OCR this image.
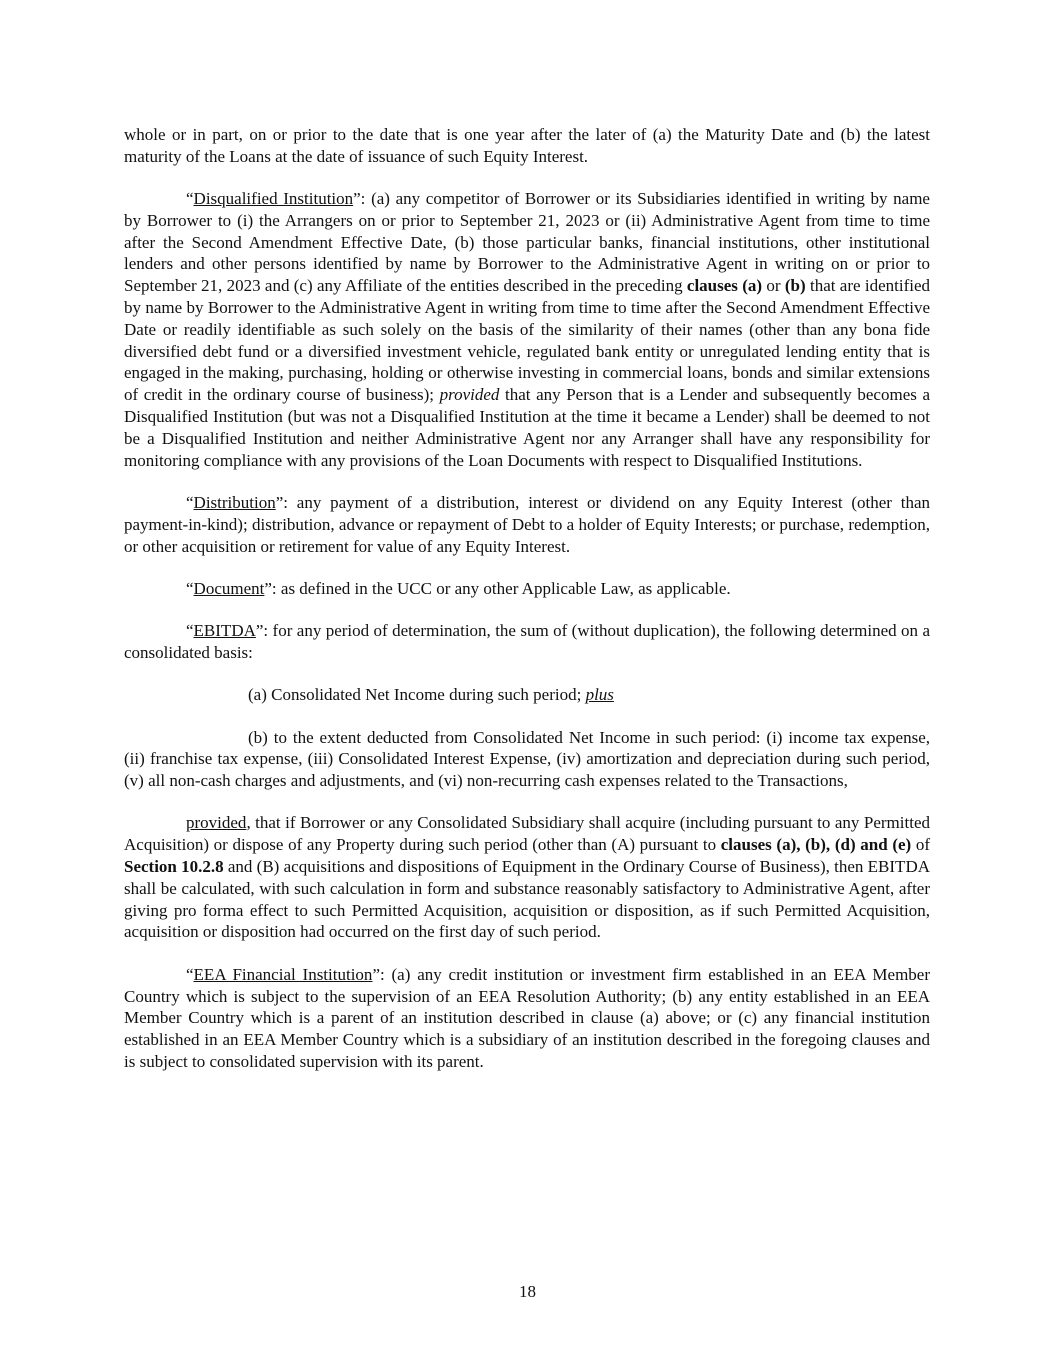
whole or in part, on or prior to the date that is one year after the later of (a) the Maturity Date and (b) the latest maturity of the Loans at the date of issuance of such Equity Interest.

“Disqualified Institution”: (a) any competitor of Borrower or its Subsidiaries identified in writing by name by Borrower to (i) the Arrangers on or prior to September 21, 2023 or (ii) Administrative Agent from time to time after the Second Amendment Effective Date, (b) those particular banks, financial institutions, other institutional lenders and other persons identified by name by Borrower to the Administrative Agent in writing on or prior to September 21, 2023 and (c) any Affiliate of the entities described in the preceding clauses (a) or (b) that are identified by name by Borrower to the Administrative Agent in writing from time to time after the Second Amendment Effective Date or readily identifiable as such solely on the basis of the similarity of their names (other than any bona fide diversified debt fund or a diversified investment vehicle, regulated bank entity or unregulated lending entity that is engaged in the making, purchasing, holding or otherwise investing in commercial loans, bonds and similar extensions of credit in the ordinary course of business); provided that any Person that is a Lender and subsequently becomes a Disqualified Institution (but was not a Disqualified Institution at the time it became a Lender) shall be deemed to not be a Disqualified Institution and neither Administrative Agent nor any Arranger shall have any responsibility for monitoring compliance with any provisions of the Loan Documents with respect to Disqualified Institutions.

“Distribution”: any payment of a distribution, interest or dividend on any Equity Interest (other than payment-in-kind); distribution, advance or repayment of Debt to a holder of Equity Interests; or purchase, redemption, or other acquisition or retirement for value of any Equity Interest.

“Document”: as defined in the UCC or any other Applicable Law, as applicable.

“EBITDA”: for any period of determination, the sum of (without duplication), the following determined on a consolidated basis:

(a) Consolidated Net Income during such period; plus

(b) to the extent deducted from Consolidated Net Income in such period: (i) income tax expense, (ii) franchise tax expense, (iii) Consolidated Interest Expense, (iv) amortization and depreciation during such period, (v) all non-cash charges and adjustments, and (vi) non-recurring cash expenses related to the Transactions,

provided, that if Borrower or any Consolidated Subsidiary shall acquire (including pursuant to any Permitted Acquisition) or dispose of any Property during such period (other than (A) pursuant to clauses (a), (b), (d) and (e) of Section 10.2.8 and (B) acquisitions and dispositions of Equipment in the Ordinary Course of Business), then EBITDA shall be calculated, with such calculation in form and substance reasonably satisfactory to Administrative Agent, after giving pro forma effect to such Permitted Acquisition, acquisition or disposition, as if such Permitted Acquisition, acquisition or disposition had occurred on the first day of such period.

“EEA Financial Institution”: (a) any credit institution or investment firm established in an EEA Member Country which is subject to the supervision of an EEA Resolution Authority; (b) any entity established in an EEA Member Country which is a parent of an institution described in clause (a) above; or (c) any financial institution established in an EEA Member Country which is a subsidiary of an institution described in the foregoing clauses and is subject to consolidated supervision with its parent.

18
